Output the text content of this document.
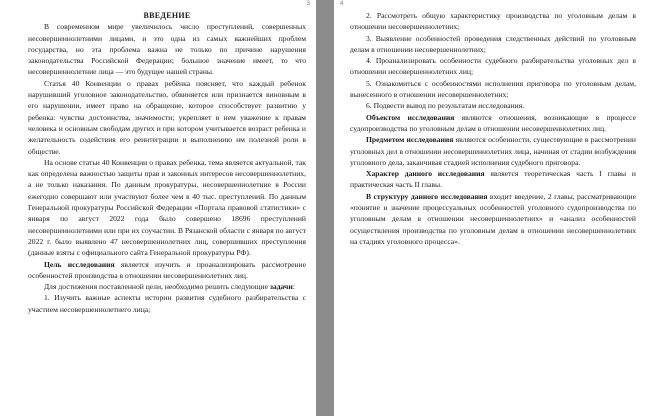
3

ВВЕДЕНИЕ

В современном мире увеличилось число преступлений, совершенных несовершеннолетними лицами, и это одна из самых важнейших проблем государства, но эта проблема важна не только по причине нарушения законодательства Российской Федерации; большое значение имеет, то что несовершеннолетние лица — это будущее нашей страны.

Статья 40 Конвенции о правах ребёнка поясняет, что каждый ребенок нарушивший уголовное законодательство, обвиняется или признается виновным в его нарушении, имеет право на обращение, которое способствует развитию у ребенка: чувства достоинства, значимости; укрепляет в нем уважение к правам человека и основным свободам других и при котором учитывается возраст ребенка и желательность содействия его реинтеграции и выполнению им полезной роли в обществе.

На основе статьи 40 Конвенции о правах ребенка, тема является актуальной, так как определена важностью защиты прав и законных интересов несовершеннолетних, а не только наказания. По данным прокуратуры, несовершеннолетние в России ежегодно совершают или участвуют более чем в 40 тыс. преступлений. По данным Генеральной прокуратуры Российской Федерации «Портала правовой статистики» с января по август 2022 года было совершено 18696 преступлений несовершеннолетними или при их соучастии. В Рязанской области с января по август 2022 г. было выявлено 47 несовершеннолетних лиц, совершивших преступления (данные взяты с официального сайта Генеральной прокуратуры РФ).

Цель исследования является изучить и проанализировать рассмотрение особенностей производства в отношении несовершеннолетних лиц.

Для достижения поставленной цели, необходимо решить следующие задачи:

1. Изучить важные аспекты истории развития судебного разбирательства с участием несовершеннолетнего лица;

4

2. Рассмотреть общую характеристику производства по уголовным делам в отношении несовершеннолетних;

3. Выявление особенностей проведения следственных действий по уголовным делам в отношении несовершеннолетних;

4. Проанализировать особенности судебного разбирательства уголовных дел в отношении несовершеннолетних лиц;

5. Ознакомиться с особенностями исполнения приговора по уголовным делам, вынесенного в отношении несовершеннолетних;

6. Подвести вывод по результатам исследования.

Объектом исследования являются отношения, возникающие в процессе судопроизводства по уголовным делам в отношении несовершеннолетних лиц.

Предметом исследования являются особенности, существующие в рассмотрении уголовных дел в отношении несовершеннолетних лица, начиная от стадии возбуждения уголовного дела, заканчивая стадией исполнения судебного приговора.

Характер данного исследования является теоретическая часть I главы и практическая часть II главы.

В структуру данного исследования входит введение, 2 главы, рассматривающие «понятие и значение процессуальных особенностей уголовного судопроизводства по уголовным делам в отношении несовершеннолетних» и «анализ особенностей осуществления производства по уголовным делам в отношении несовершеннолетних на стадиях уголовного процесса».
